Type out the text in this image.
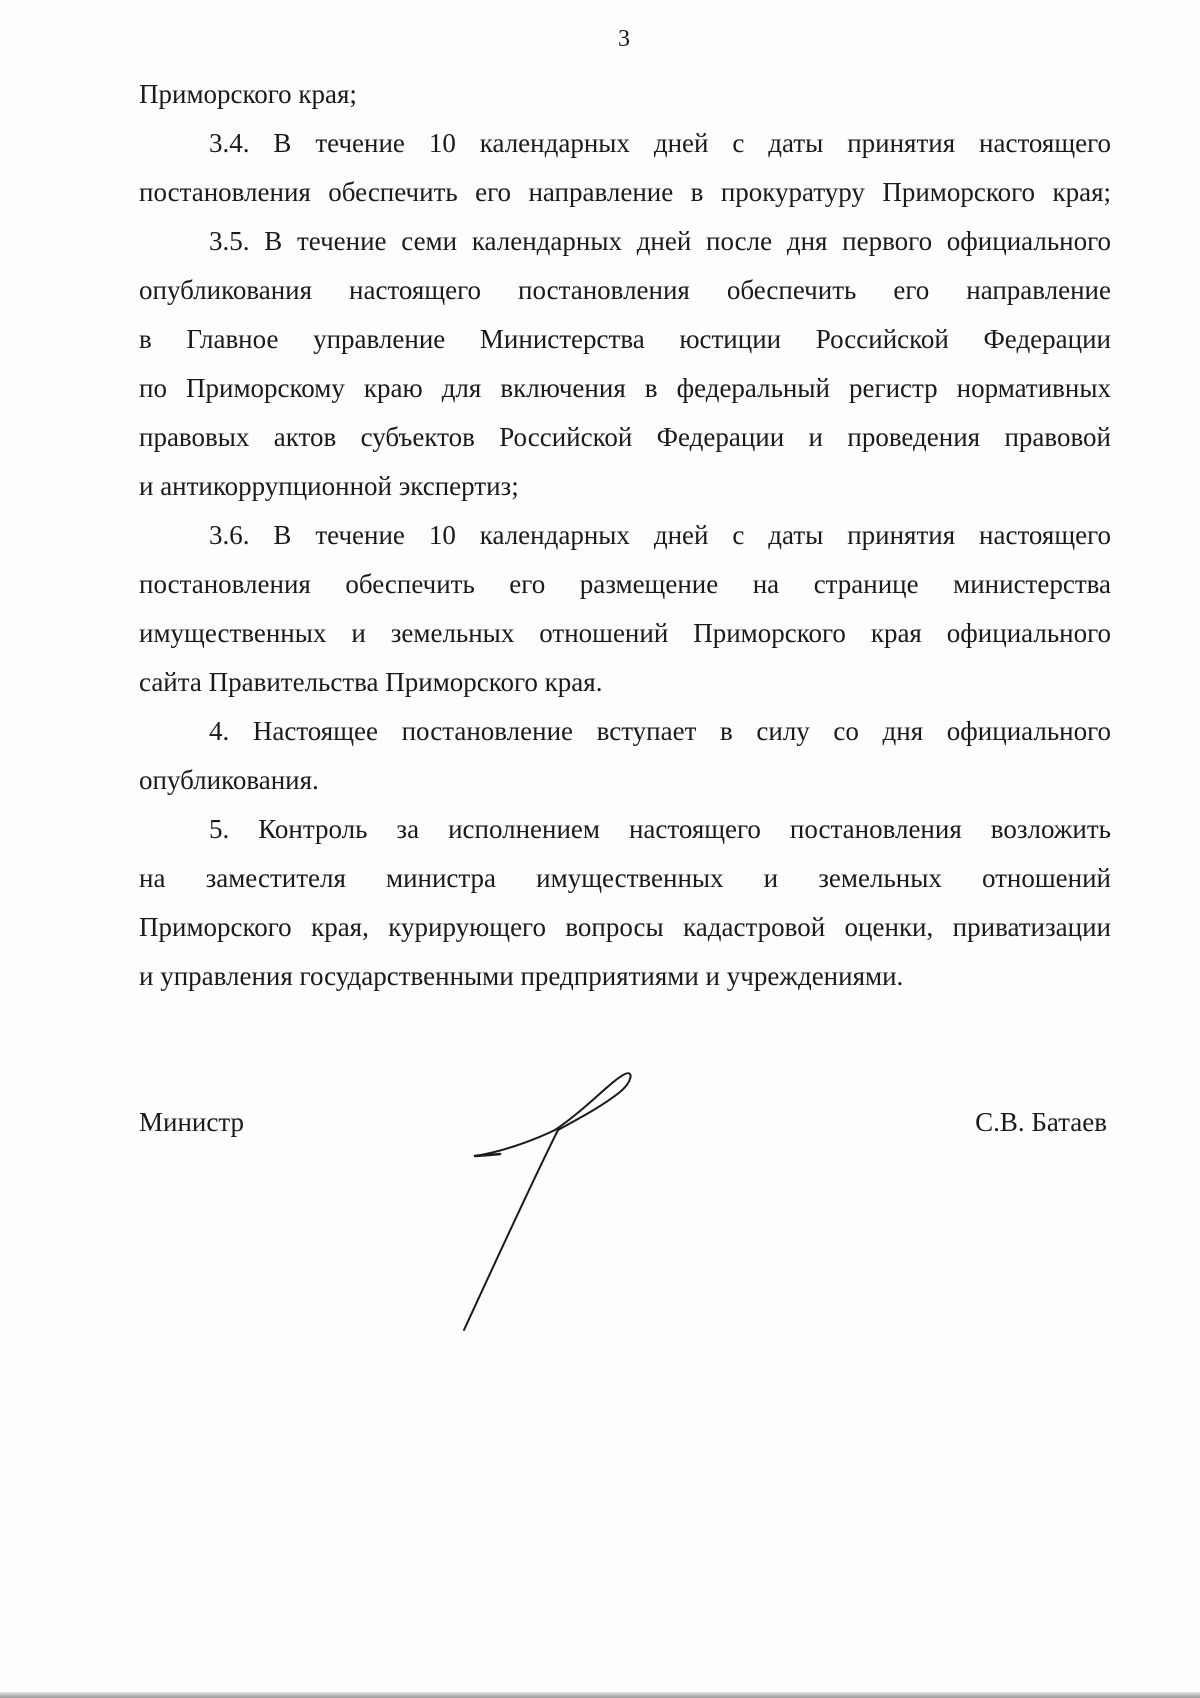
3
Приморского края;
3.4. В течение 10 календарных дней с даты принятия настоящего
постановления обеспечить его направление в прокуратуру Приморского края;
3.5. В течение семи календарных дней после дня первого официального
опубликования настоящего постановления обеспечить его направление
в Главное управление Министерства юстиции Российской Федерации
по Приморскому краю для включения в федеральный регистр нормативных
правовых актов субъектов Российской Федерации и проведения правовой
и антикоррупционной экспертиз;
3.6. В течение 10 календарных дней с даты принятия настоящего
постановления обеспечить его размещение на странице министерства
имущественных и земельных отношений Приморского края официального
сайта Правительства Приморского края.
4. Настоящее постановление вступает в силу со дня официального
опубликования.
5. Контроль за исполнением настоящего постановления возложить
на заместителя министра имущественных и земельных отношений
Приморского края, курирующего вопросы кадастровой оценки, приватизации
и управления государственными предприятиями и учреждениями.
Министр	С.В. Батаев
